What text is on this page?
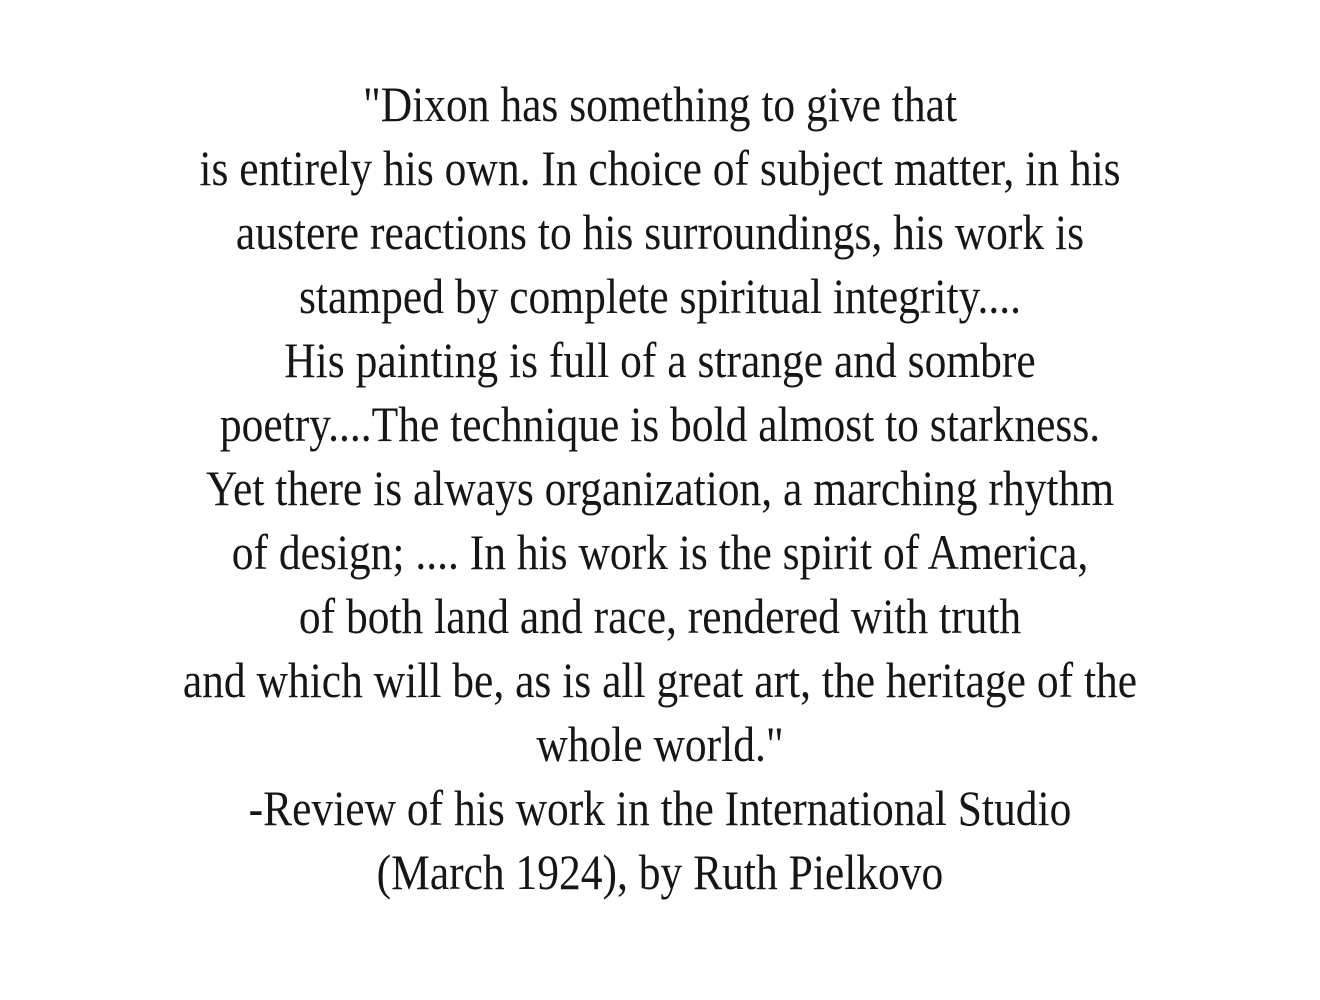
"Dixon has something to give that
is entirely his own. In choice of subject matter, in his
austere reactions to his surroundings, his work is
stamped by complete spiritual integrity....
His painting is full of a strange and sombre
poetry....The technique is bold almost to starkness.
Yet there is always organization, a marching rhythm
of design; .... In his work is the spirit of America,
of both land and race, rendered with truth
and which will be, as is all great art, the heritage of the
whole world."
-Review of his work in the International Studio
(March 1924), by Ruth Pielkovo
